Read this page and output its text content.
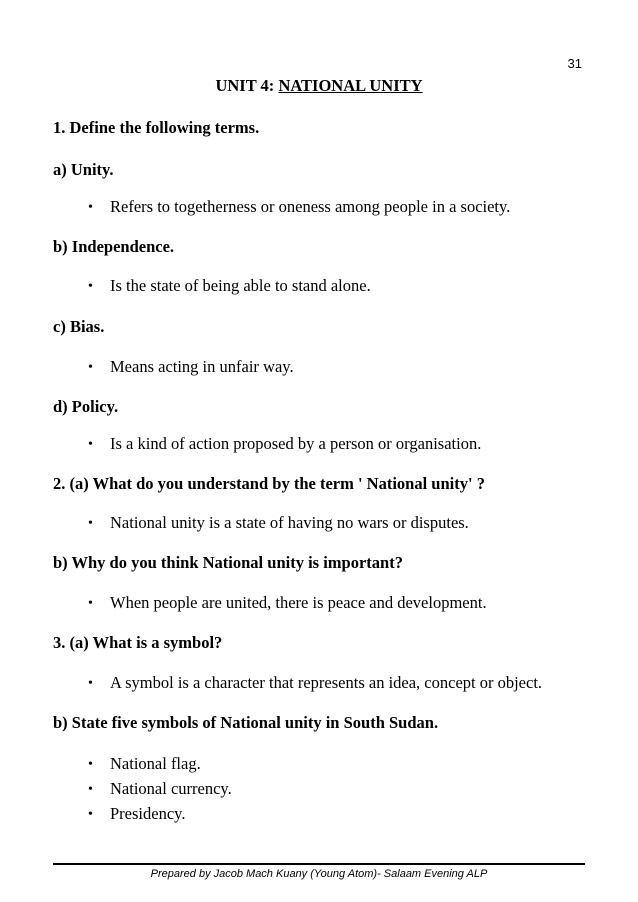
31
UNIT 4: NATIONAL UNITY
1. Define the following terms.
a) Unity.
• Refers to togetherness or oneness among people in a society.
b) Independence.
• Is the state of being able to stand alone.
c) Bias.
• Means acting in unfair way.
d) Policy.
• Is a kind of action proposed by a person or organisation.
2. (a) What do you understand by the term ' National unity' ?
• National unity is a state of having no wars or disputes.
b) Why do you think National unity is important?
• When people are united, there is peace and development.
3. (a) What is a symbol?
• A symbol is a character that represents an idea, concept or object.
b) State five symbols of National unity in South Sudan.
• National flag.
• National currency.
• Presidency.
Prepared by Jacob Mach Kuany (Young Atom)- Salaam Evening ALP
